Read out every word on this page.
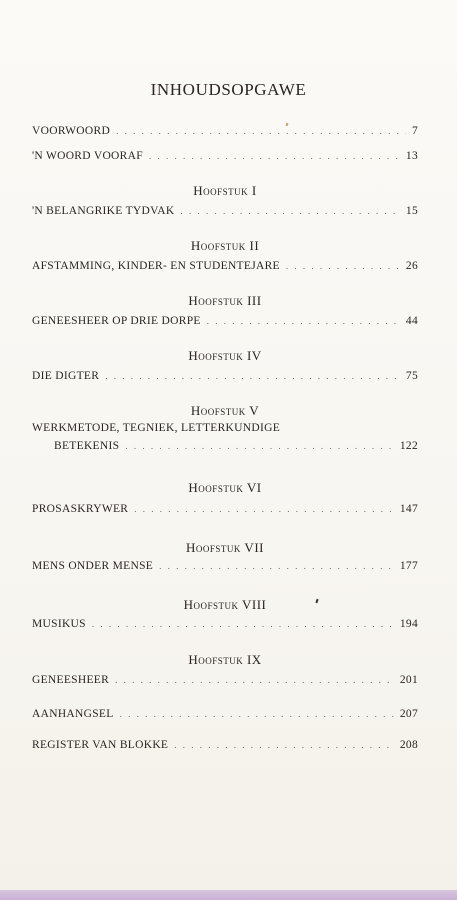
INHOUDSOPGAWE
VOORWOORD . . .	7
'N WOORD VOORAF . . .	13
Hoofstuk I
'N BELANGRIKE TYDVAK . . .	15
Hoofstuk II
AFSTAMMING, KINDER- EN STUDENTEJARE . . .	26
Hoofstuk III
GENEESHEER OP DRIE DORPE . . .	44
Hoofstuk IV
DIE DIGTER . . .	75
Hoofstuk V
WERKMETODE, TEGNIEK, LETTERKUNDIGE
BETEKENIS . . .	122
Hoofstuk VI
PROSASKRYWER . . .	147
Hoofstuk VII
MENS ONDER MENSE . . .	177
Hoofstuk VIII
MUSIKUS . . .	194
Hoofstuk IX
GENEESHEER . . .	201
AANHANGSEL . . .	207
REGISTER VAN BLOKKE . . .	208
